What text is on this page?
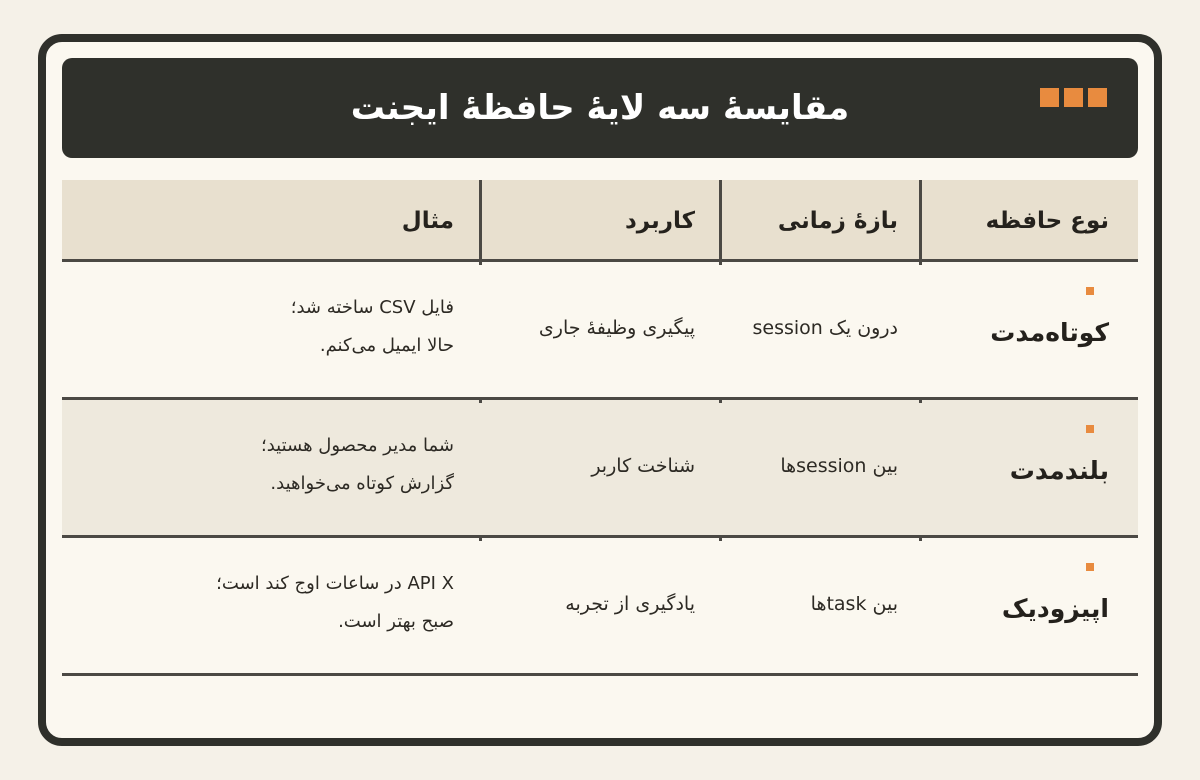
مقایسهٔ سه لایهٔ حافظهٔ ایجنت
نوع حافظه
بازهٔ زمانی
کاربرد
مثال
کوتاه‌مدت
درون یک session
پیگیری وظیفهٔ جاری
فایل CSV ساخته شد؛
حالا ایمیل می‌کنم.
بلندمدت
بین sessionها
شناخت کاربر
شما مدیر محصول هستید؛
گزارش کوتاه می‌خواهید.
اپیزودیک
بین taskها
یادگیری از تجربه
API X در ساعات اوج کند است؛
صبح بهتر است.
